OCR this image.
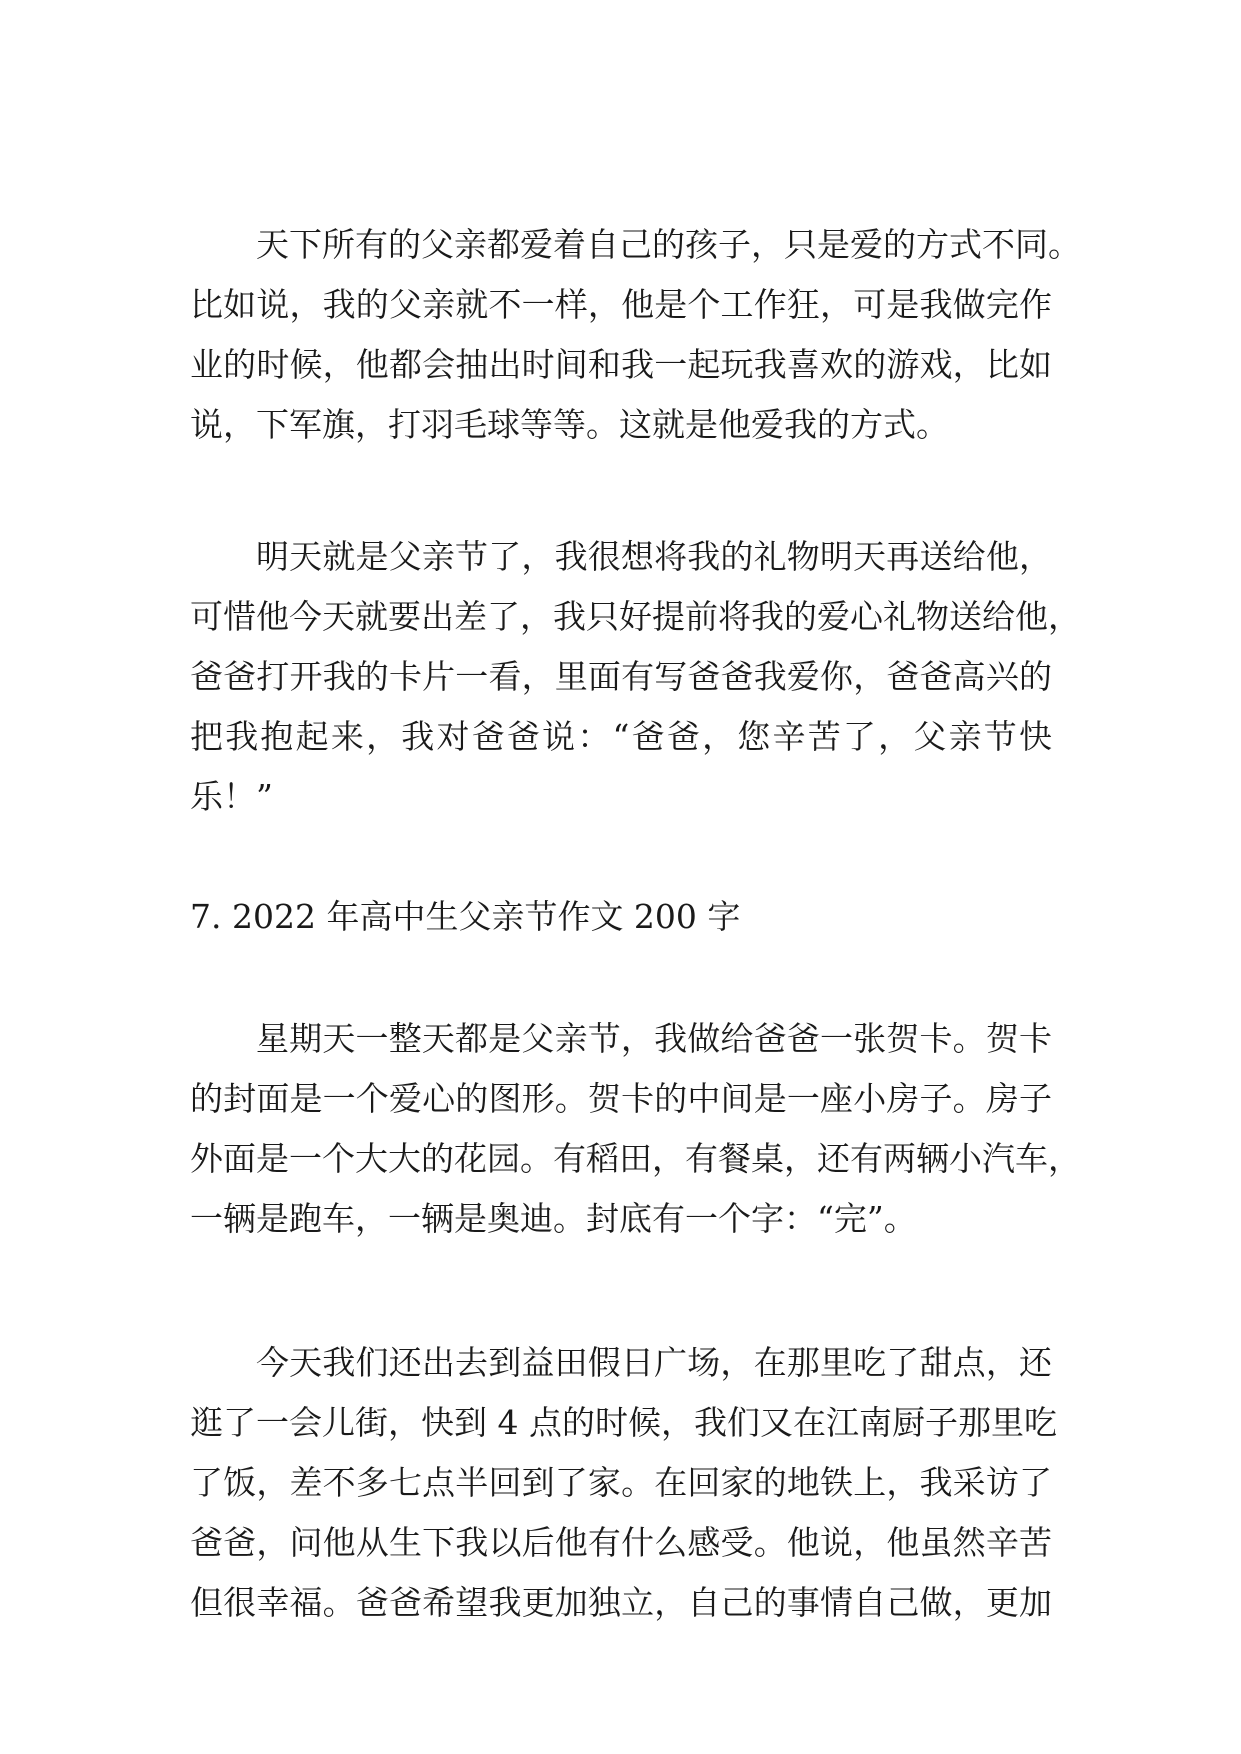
天下所有的父亲都爱着自己的孩子，只是爱的方式不同。
比如说，我的父亲就不一样，他是个工作狂，可是我做完作
业的时候，他都会抽出时间和我一起玩我喜欢的游戏，比如
说，下军旗，打羽毛球等等。这就是他爱我的方式。
明天就是父亲节了，我很想将我的礼物明天再送给他，
可惜他今天就要出差了，我只好提前将我的爱心礼物送给他，
爸爸打开我的卡片一看，里面有写爸爸我爱你，爸爸高兴的
把我抱起来，我对爸爸说：“爸爸，您辛苦了，父亲节快
乐！”
7. 2022 年高中生父亲节作文 200 字
星期天一整天都是父亲节，我做给爸爸一张贺卡。贺卡
的封面是一个爱心的图形。贺卡的中间是一座小房子。房子
外面是一个大大的花园。有稻田，有餐桌，还有两辆小汽车，
一辆是跑车，一辆是奥迪。封底有一个字：“完”。
今天我们还出去到益田假日广场，在那里吃了甜点，还
逛了一会儿街，快到 4 点的时候，我们又在江南厨子那里吃
了饭，差不多七点半回到了家。在回家的地铁上，我采访了
爸爸，问他从生下我以后他有什么感受。他说，他虽然辛苦
但很幸福。爸爸希望我更加独立，自己的事情自己做，更加
